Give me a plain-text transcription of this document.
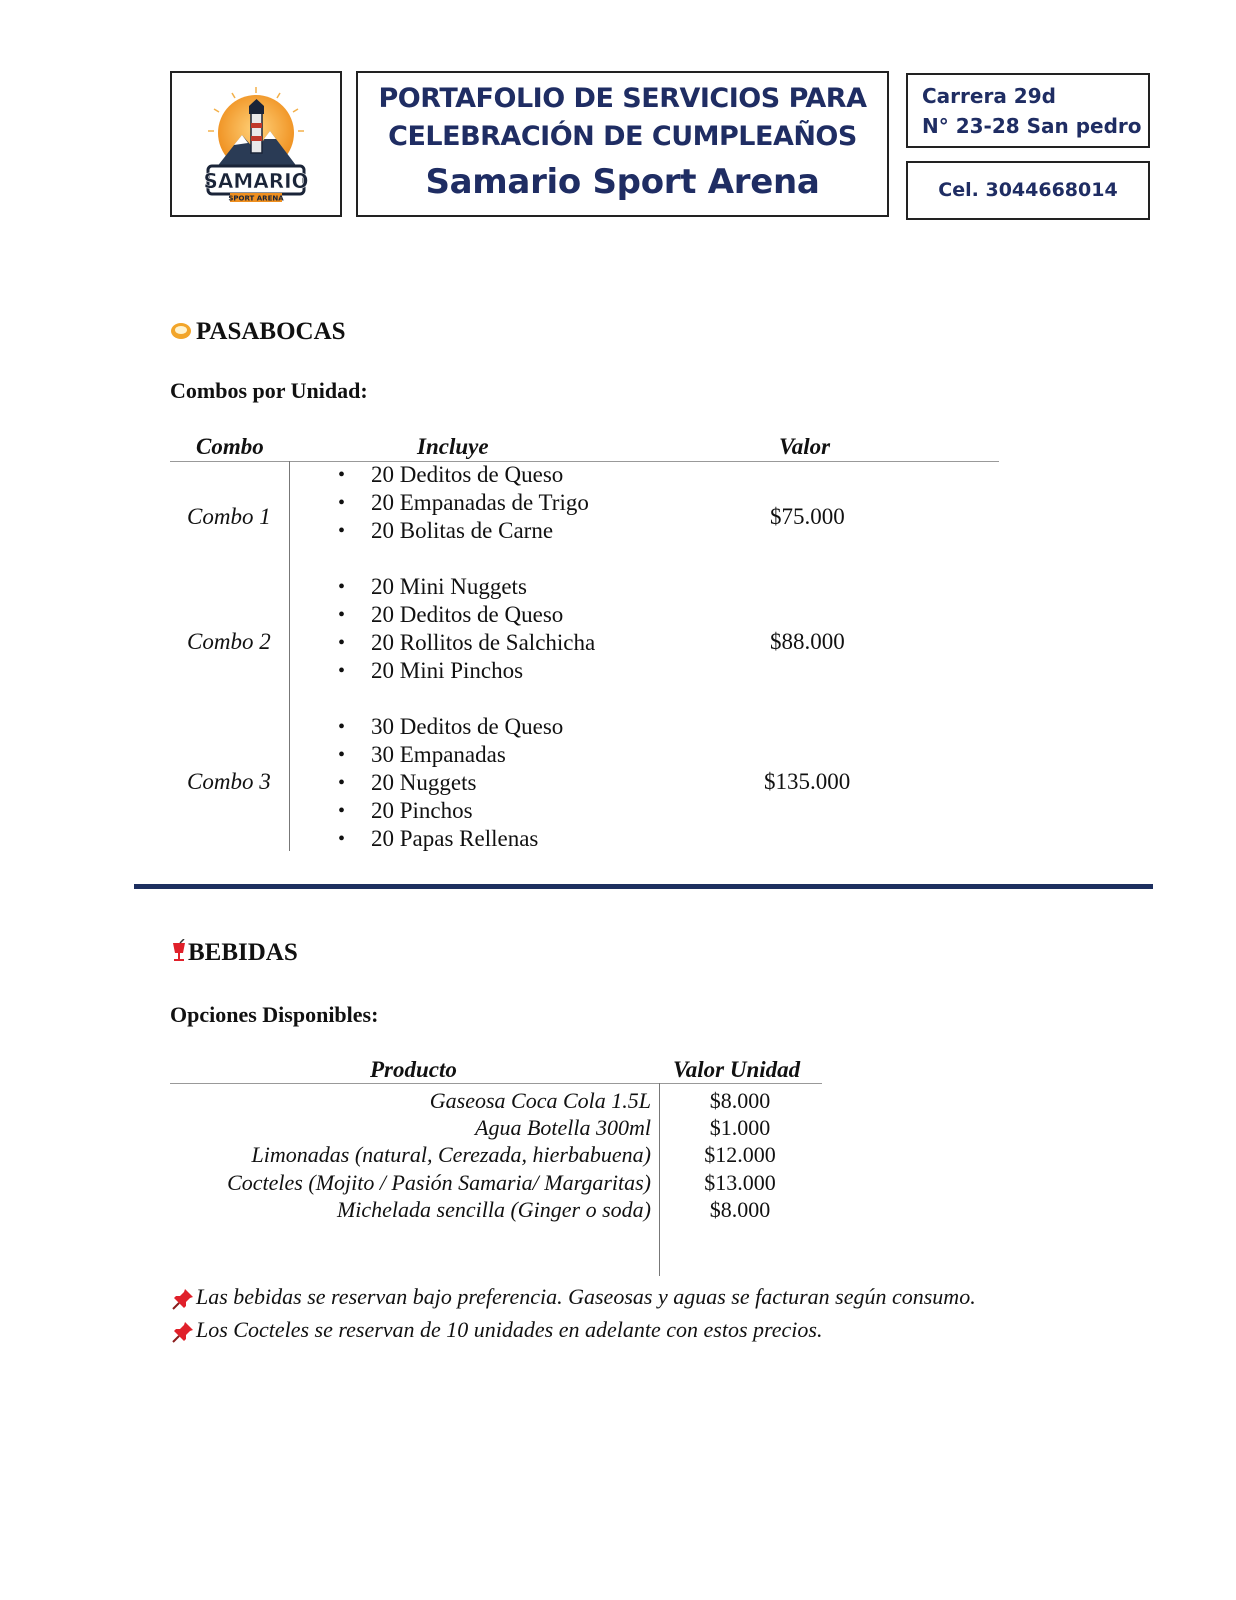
SAMARIO
SPORT ARENA
PORTAFOLIO DE SERVICIOS PARA
CELEBRACIÓN DE CUMPLEAÑOS
Samario Sport Arena
Carrera 29d
N° 23-28 San pedro
Cel. 3044668014
PASABOCAS
Combos por Unidad:
Combo	Incluye	Valor
Combo 1
• 20 Deditos de Queso
• 20 Empanadas de Trigo
• 20 Bolitas de Carne
$75.000
Combo 2
• 20 Mini Nuggets
• 20 Deditos de Queso
• 20 Rollitos de Salchicha
• 20 Mini Pinchos
$88.000
Combo 3
• 30 Deditos de Queso
• 30 Empanadas
• 20 Nuggets
• 20 Pinchos
• 20 Papas Rellenas
$135.000
BEBIDAS
Opciones Disponibles:
Producto	Valor Unidad
Gaseosa Coca Cola 1.5L	$8.000
Agua Botella 300ml	$1.000
Limonadas (natural, Cerezada, hierbabuena)	$12.000
Cocteles (Mojito / Pasión Samaria/ Margaritas)	$13.000
Michelada sencilla (Ginger o soda)	$8.000
Las bebidas se reservan bajo preferencia. Gaseosas y aguas se facturan según consumo.
Los Cocteles se reservan de 10 unidades en adelante con estos precios.
